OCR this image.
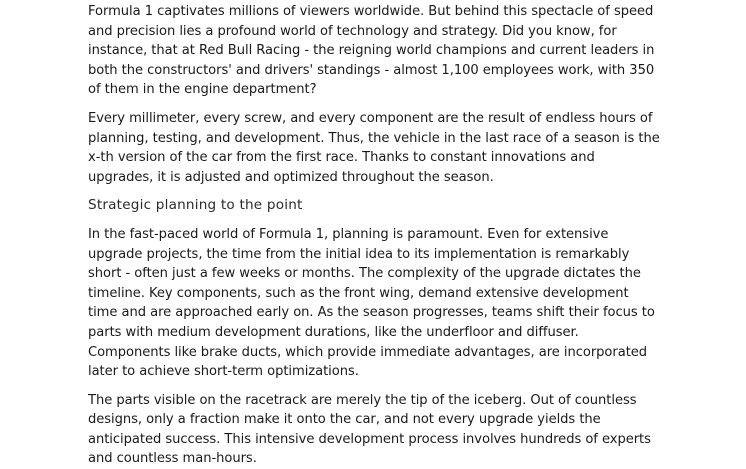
Formula 1 captivates millions of viewers worldwide. But behind this spectacle of speed and precision lies a profound world of technology and strategy. Did you know, for instance, that at Red Bull Racing - the reigning world champions and current leaders in both the constructors' and drivers' standings - almost 1,100 employees work, with 350 of them in the engine department?

Every millimeter, every screw, and every component are the result of endless hours of planning, testing, and development. Thus, the vehicle in the last race of a season is the x-th version of the car from the first race. Thanks to constant innovations and upgrades, it is adjusted and optimized throughout the season.

Strategic planning to the point

In the fast-paced world of Formula 1, planning is paramount. Even for extensive upgrade projects, the time from the initial idea to its implementation is remarkably short - often just a few weeks or months. The complexity of the upgrade dictates the timeline. Key components, such as the front wing, demand extensive development time and are approached early on. As the season progresses, teams shift their focus to parts with medium development durations, like the underfloor and diffuser. Components like brake ducts, which provide immediate advantages, are incorporated later to achieve short-term optimizations.

The parts visible on the racetrack are merely the tip of the iceberg. Out of countless designs, only a fraction make it onto the car, and not every upgrade yields the anticipated success. This intensive development process involves hundreds of experts and countless man-hours.
